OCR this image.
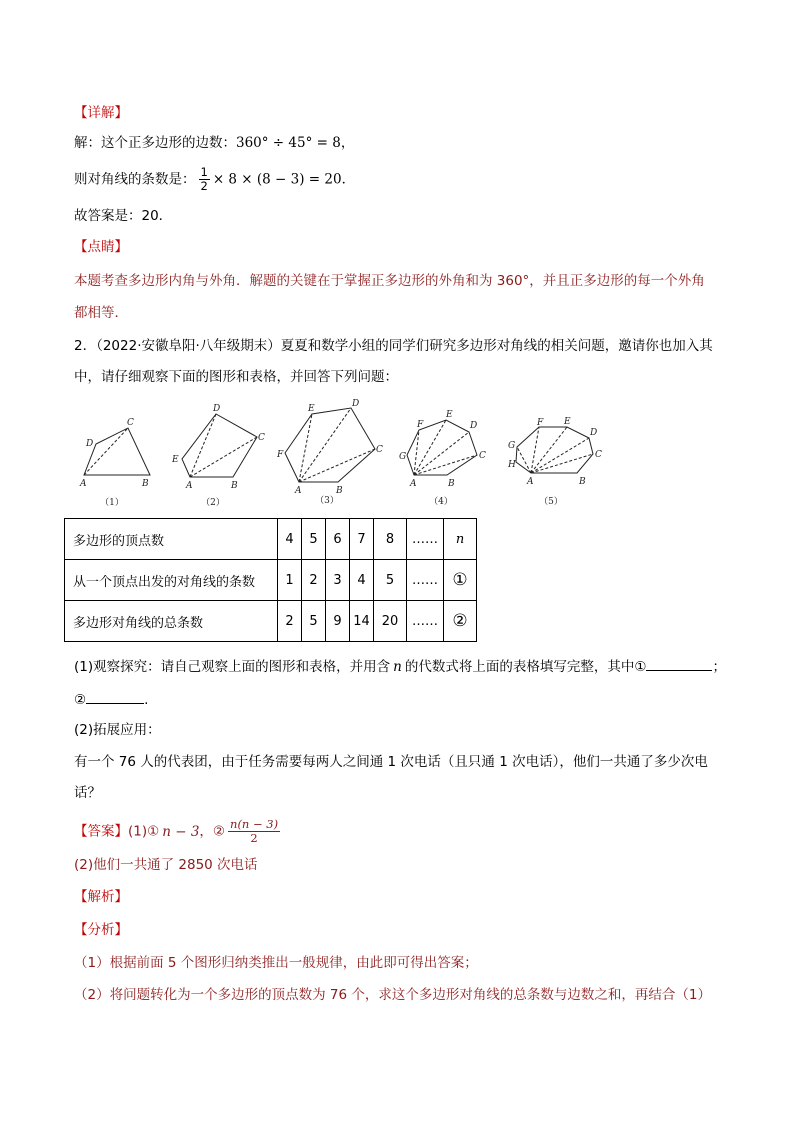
【详解】
解：这个正多边形的边数：360° ÷ 45° = 8，
则对角线的条数是： $\frac{1}{2} \times 8 \times (8 - 3) = 20$．
故答案是：20．
【点睛】
本题考查多边形内角与外角．解题的关键在于掌握正多边形的外角和为 360°，并且正多边形的每一个外角
都相等．
2．（2022·安徽阜阳·八年级期末）夏夏和数学小组的同学们研究多边形对角线的相关问题，邀请你也加入其
中，请仔细观察下面的图形和表格，并回答下列问题：
A
D
C
B	A
E
D
C
B	A
F
E	D
C
B
A
G
F
E
D
C
B	A
H
G
F E
D
C
B
（1）	（2）	（3）	（4）	（5）
多边形的顶点数	4	5	6	7	8	……	n
从一个顶点出发的对角线的条数	1	2	3	4	5	……	①
多边形对角线的总条数	2	5	9	14	20	……	②
(1)观察探究：请自己观察上面的图形和表格，并用含 n 的代数式将上面的表格填写完整，其中①	；
②	.
(2)拓展应用：
有一个 76 人的代表团，由于任务需要每两人之间通 1 次电话（且只通 1 次电话），他们一共通了多少次电
话？
【答案】(1)① n − 3，② $\frac{n(n - 3)}{2}$
(2)他们一共通了 2850 次电话
【解析】
【分析】
（1）根据前面 5 个图形归纳类推出一般规律，由此即可得出答案；
（2）将问题转化为一个多边形的顶点数为 76 个，求这个多边形对角线的总条数与边数之和，再结合（1）
